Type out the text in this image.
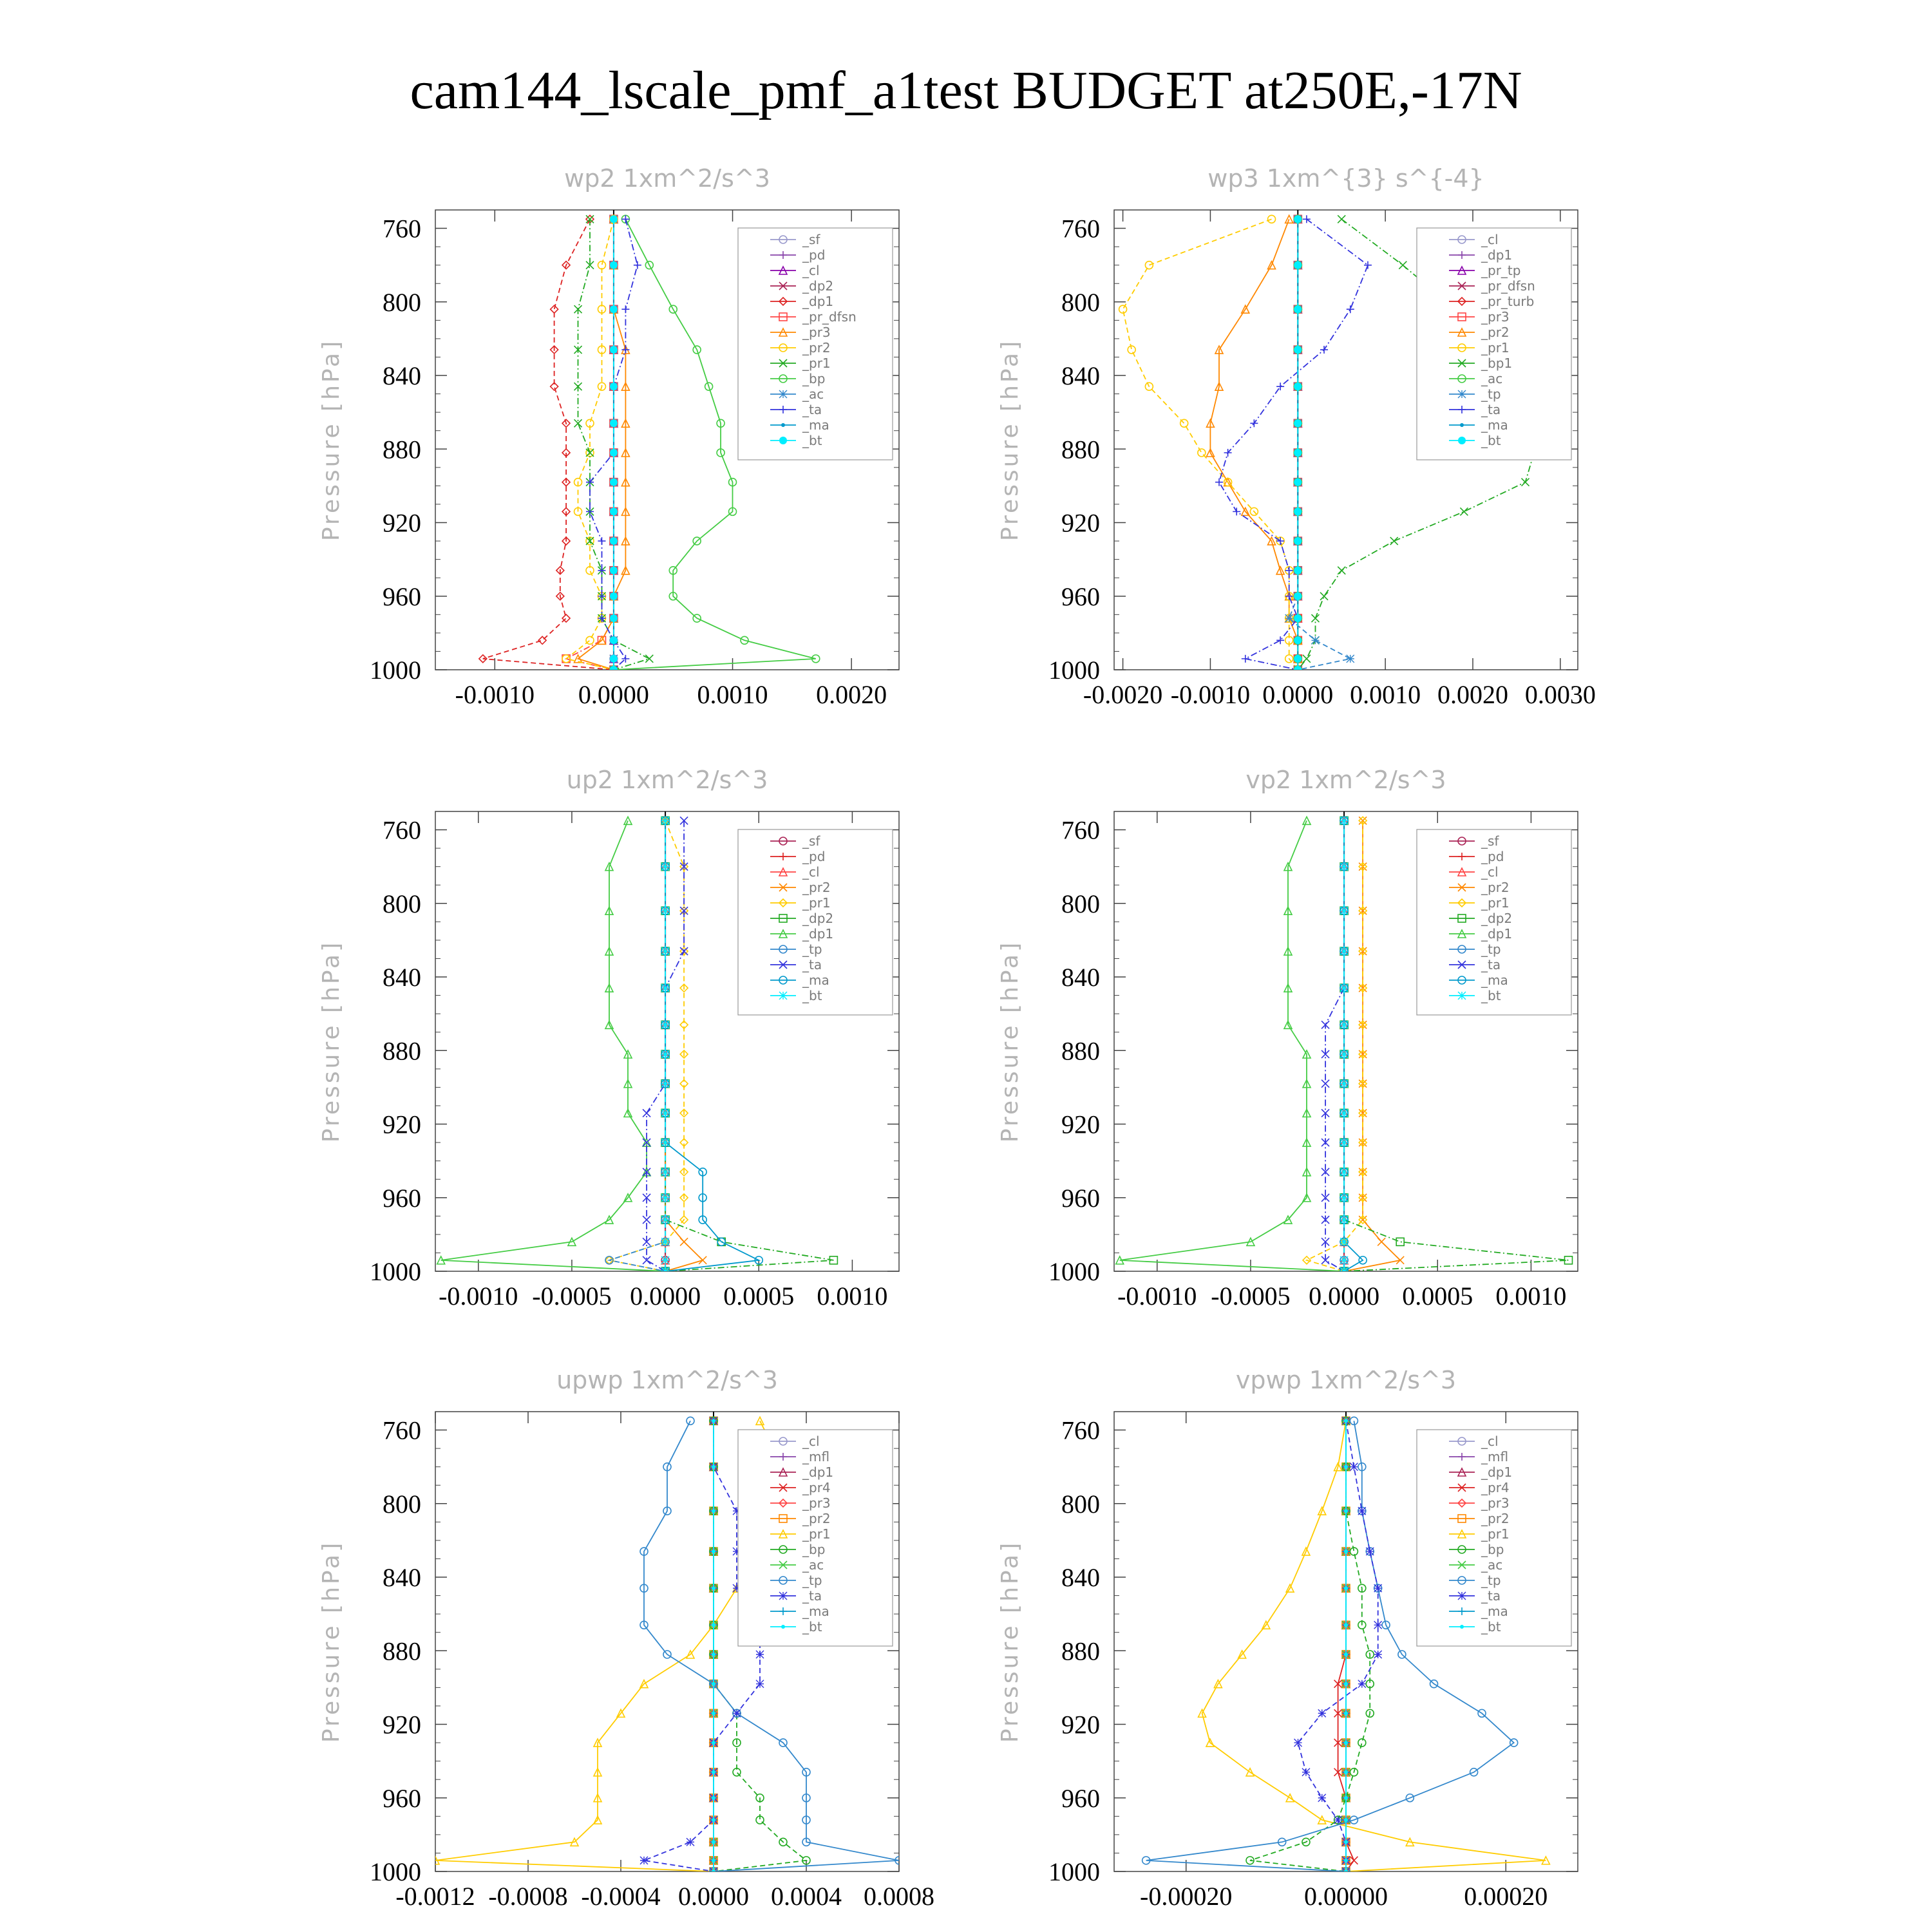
cam144_lscale_pmf_a1test BUDGET at250E,-17N
wp2 1xm^2/s^3
Pressure [hPa]
760
800
840
880
920
960
1000
-0.0010 0.0000 0.0010 0.0020
_sf
_pd
_cl
_dp2
_dp1
_pr_dfsn
_pr3
_pr2
_pr1
_bp
_ac
_ta
_ma
_bt
wp3 1xm^{3} s^{-4}
Pressure [hPa]
760
800
840
880
920
960
1000
-0.0020 -0.0010 0.0000 0.0010 0.0020 0.0030
_cl
_dp1
_pr_tp
_pr_dfsn
_pr_turb
_pr3
_pr2
_pr1
_bp1
_ac
_tp
_ta
_ma
_bt
up2 1xm^2/s^3
Pressure [hPa]
760
800
840
880
920
960
1000
-0.0010 -0.0005 0.0000 0.0005 0.0010
_sf
_pd
_cl
_pr2
_pr1
_dp2
_dp1
_tp
_ta
_ma
_bt
vp2 1xm^2/s^3
Pressure [hPa]
760
800
840
880
920
960
1000
-0.0010 -0.0005 0.0000 0.0005 0.0010
_sf
_pd
_cl
_pr2
_pr1
_dp2
_dp1
_tp
_ta
_ma
_bt
upwp 1xm^2/s^3
Pressure [hPa]
760
800
840
880
920
960
1000
-0.0012 -0.0008 -0.0004 0.0000 0.0004 0.0008
_cl
_mfl
_dp1
_pr4
_pr3
_pr2
_pr1
_bp
_ac
_tp
_ta
_ma
_bt
vpwp 1xm^2/s^3
Pressure [hPa]
760
800
840
880
920
960
1000
-0.00020	0.00000	0.00020
_cl
_mfl
_dp1
_pr4
_pr3
_pr2
_pr1
_bp
_ac
_tp
_ta
_ma
_bt
